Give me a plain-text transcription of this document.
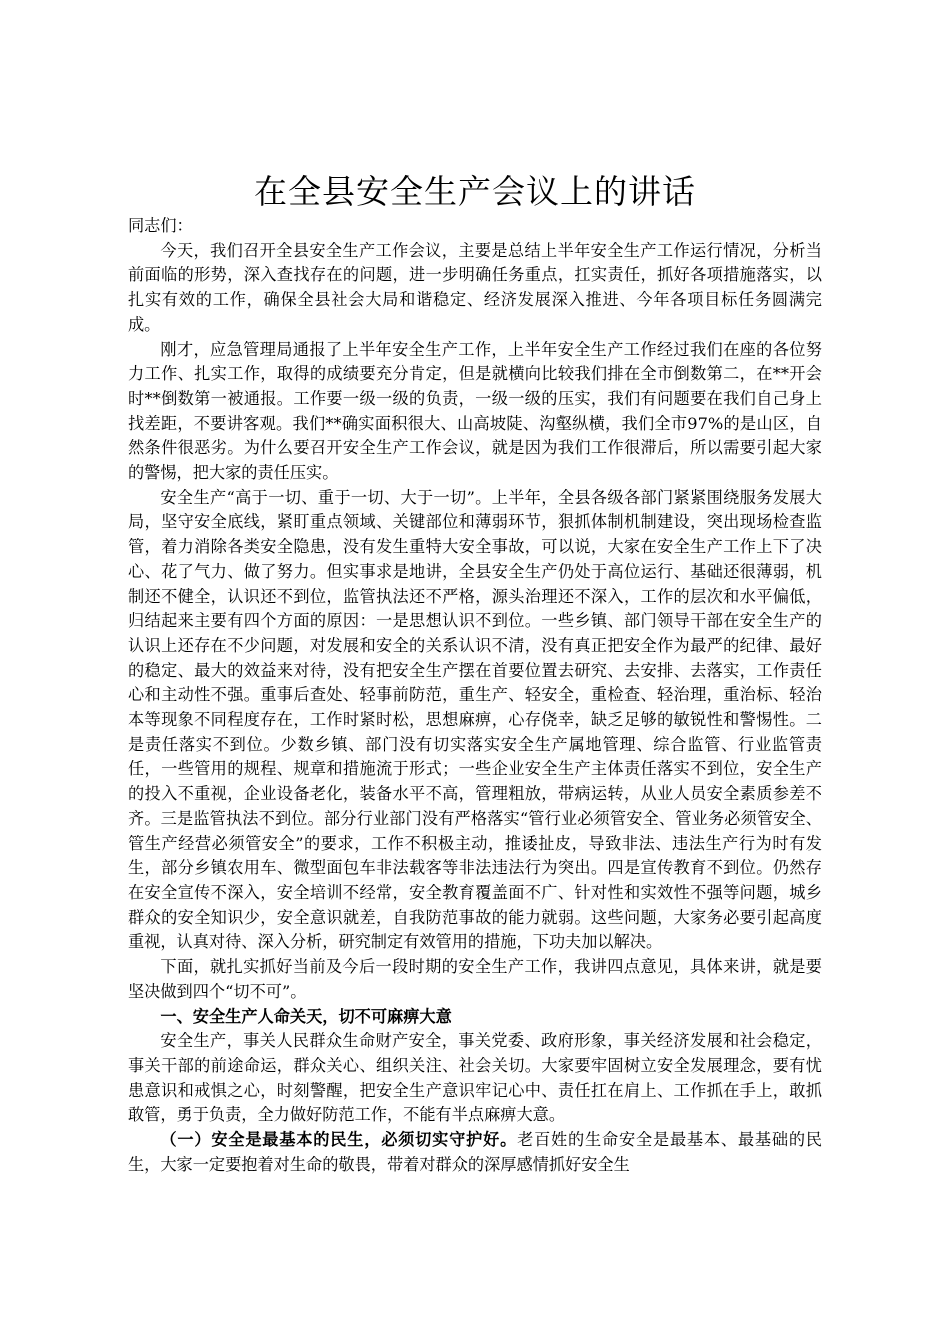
在全县安全生产会议上的讲话

同志们：

今天，我们召开全县安全生产工作会议，主要是总结上半年安全生产工作运行情况，分析当前面临的形势，深入查找存在的问题，进一步明确任务重点，扛实责任，抓好各项措施落实，以扎实有效的工作，确保全县社会大局和谐稳定、经济发展深入推进、今年各项目标任务圆满完成。

刚才，应急管理局通报了上半年安全生产工作，上半年安全生产工作经过我们在座的各位努力工作、扎实工作，取得的成绩要充分肯定，但是就横向比较我们排在全市倒数第二，在**开会时**倒数第一被通报。工作要一级一级的负责，一级一级的压实，我们有问题要在我们自己身上找差距，不要讲客观。我们**确实面积很大、山高坡陡、沟壑纵横，我们全市97%的是山区，自然条件很恶劣。为什么要召开安全生产工作会议，就是因为我们工作很滞后，所以需要引起大家的警惕，把大家的责任压实。

安全生产“高于一切、重于一切、大于一切”。上半年，全县各级各部门紧紧围绕服务发展大局，坚守安全底线，紧盯重点领域、关键部位和薄弱环节，狠抓体制机制建设，突出现场检查监管，着力消除各类安全隐患，没有发生重特大安全事故，可以说，大家在安全生产工作上下了决心、花了气力、做了努力。但实事求是地讲，全县安全生产仍处于高位运行、基础还很薄弱，机制还不健全，认识还不到位，监管执法还不严格，源头治理还不深入，工作的层次和水平偏低，归结起来主要有四个方面的原因：一是思想认识不到位。一些乡镇、部门领导干部在安全生产的认识上还存在不少问题，对发展和安全的关系认识不清，没有真正把安全作为最严的纪律、最好的稳定、最大的效益来对待，没有把安全生产摆在首要位置去研究、去安排、去落实，工作责任心和主动性不强。重事后查处、轻事前防范，重生产、轻安全，重检查、轻治理，重治标、轻治本等现象不同程度存在，工作时紧时松，思想麻痹，心存侥幸，缺乏足够的敏锐性和警惕性。二是责任落实不到位。少数乡镇、部门没有切实落实安全生产属地管理、综合监管、行业监管责任，一些管用的规程、规章和措施流于形式；一些企业安全生产主体责任落实不到位，安全生产的投入不重视，企业设备老化，装备水平不高，管理粗放，带病运转，从业人员安全素质参差不齐。三是监管执法不到位。部分行业部门没有严格落实“管行业必须管安全、管业务必须管安全、管生产经营必须管安全”的要求，工作不积极主动，推诿扯皮，导致非法、违法生产行为时有发生，部分乡镇农用车、微型面包车非法载客等非法违法行为突出。四是宣传教育不到位。仍然存在安全宣传不深入，安全培训不经常，安全教育覆盖面不广、针对性和实效性不强等问题，城乡群众的安全知识少，安全意识就差，自我防范事故的能力就弱。这些问题，大家务必要引起高度重视，认真对待、深入分析，研究制定有效管用的措施，下功夫加以解决。

下面，就扎实抓好当前及今后一段时期的安全生产工作，我讲四点意见，具体来讲，就是要坚决做到四个“切不可”。

一、安全生产人命关天，切不可麻痹大意

安全生产，事关人民群众生命财产安全，事关党委、政府形象，事关经济发展和社会稳定，事关干部的前途命运，群众关心、组织关注、社会关切。大家要牢固树立安全发展理念，要有忧患意识和戒惧之心，时刻警醒，把安全生产意识牢记心中、责任扛在肩上、工作抓在手上，敢抓敢管，勇于负责，全力做好防范工作，不能有半点麻痹大意。

（一）安全是最基本的民生，必须切实守护好。老百姓的生命安全是最基本、最基础的民生，大家一定要抱着对生命的敬畏，带着对群众的深厚感情抓好安全生
